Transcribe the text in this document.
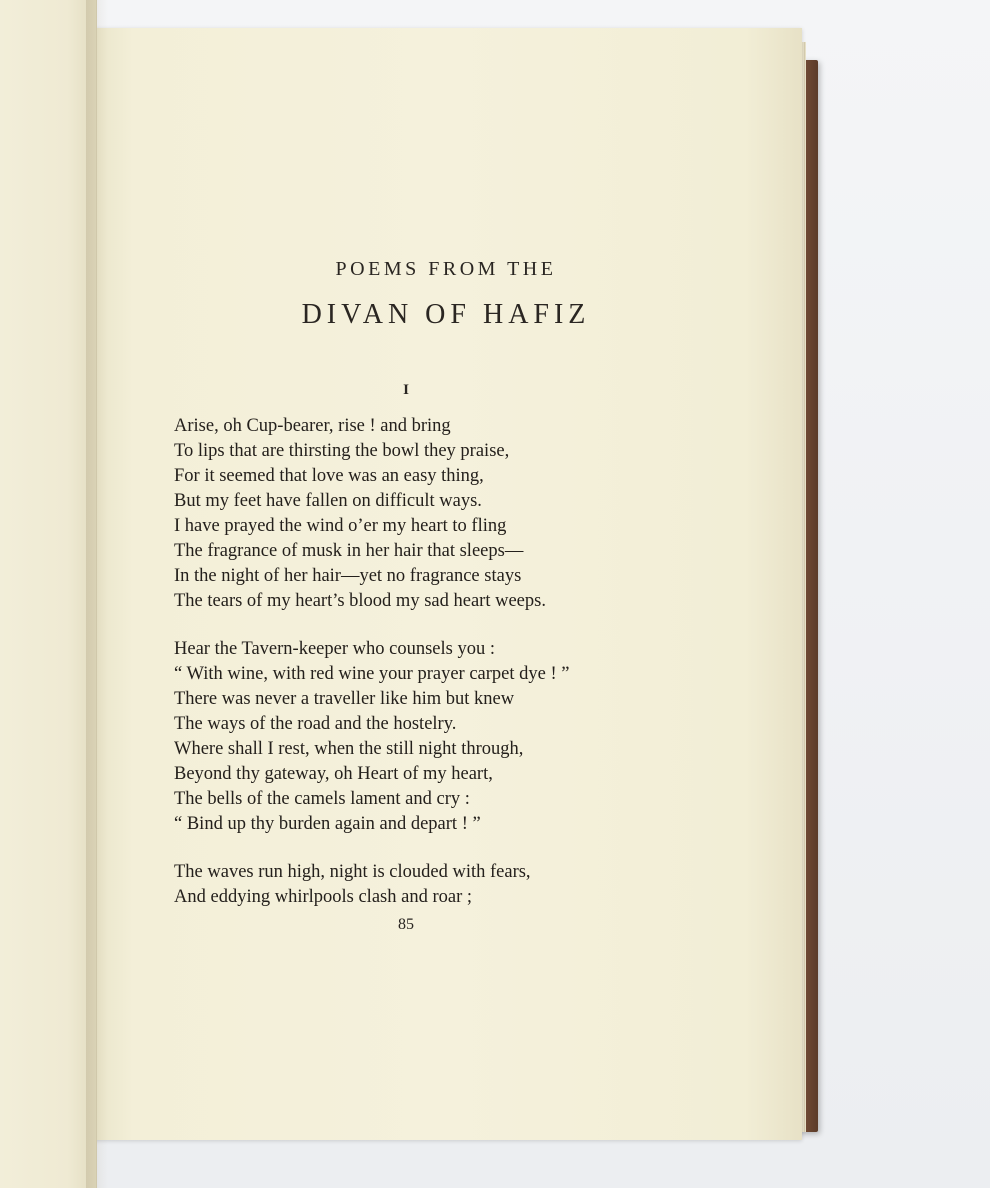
POEMS FROM THE
DIVAN OF HAFIZ
I
Arise, oh Cup-bearer, rise ! and bring
To lips that are thirsting the bowl they praise,
For it seemed that love was an easy thing,
But my feet have fallen on difficult ways.
I have prayed the wind o’er my heart to fling
The fragrance of musk in her hair that sleeps—
In the night of her hair—yet no fragrance stays
The tears of my heart’s blood my sad heart weeps.
Hear the Tavern-keeper who counsels you :
“ With wine, with red wine your prayer carpet dye ! ”
There was never a traveller like him but knew
The ways of the road and the hostelry.
Where shall I rest, when the still night through,
Beyond thy gateway, oh Heart of my heart,
The bells of the camels lament and cry :
“ Bind up thy burden again and depart ! ”
The waves run high, night is clouded with fears,
And eddying whirlpools clash and roar ;
85
